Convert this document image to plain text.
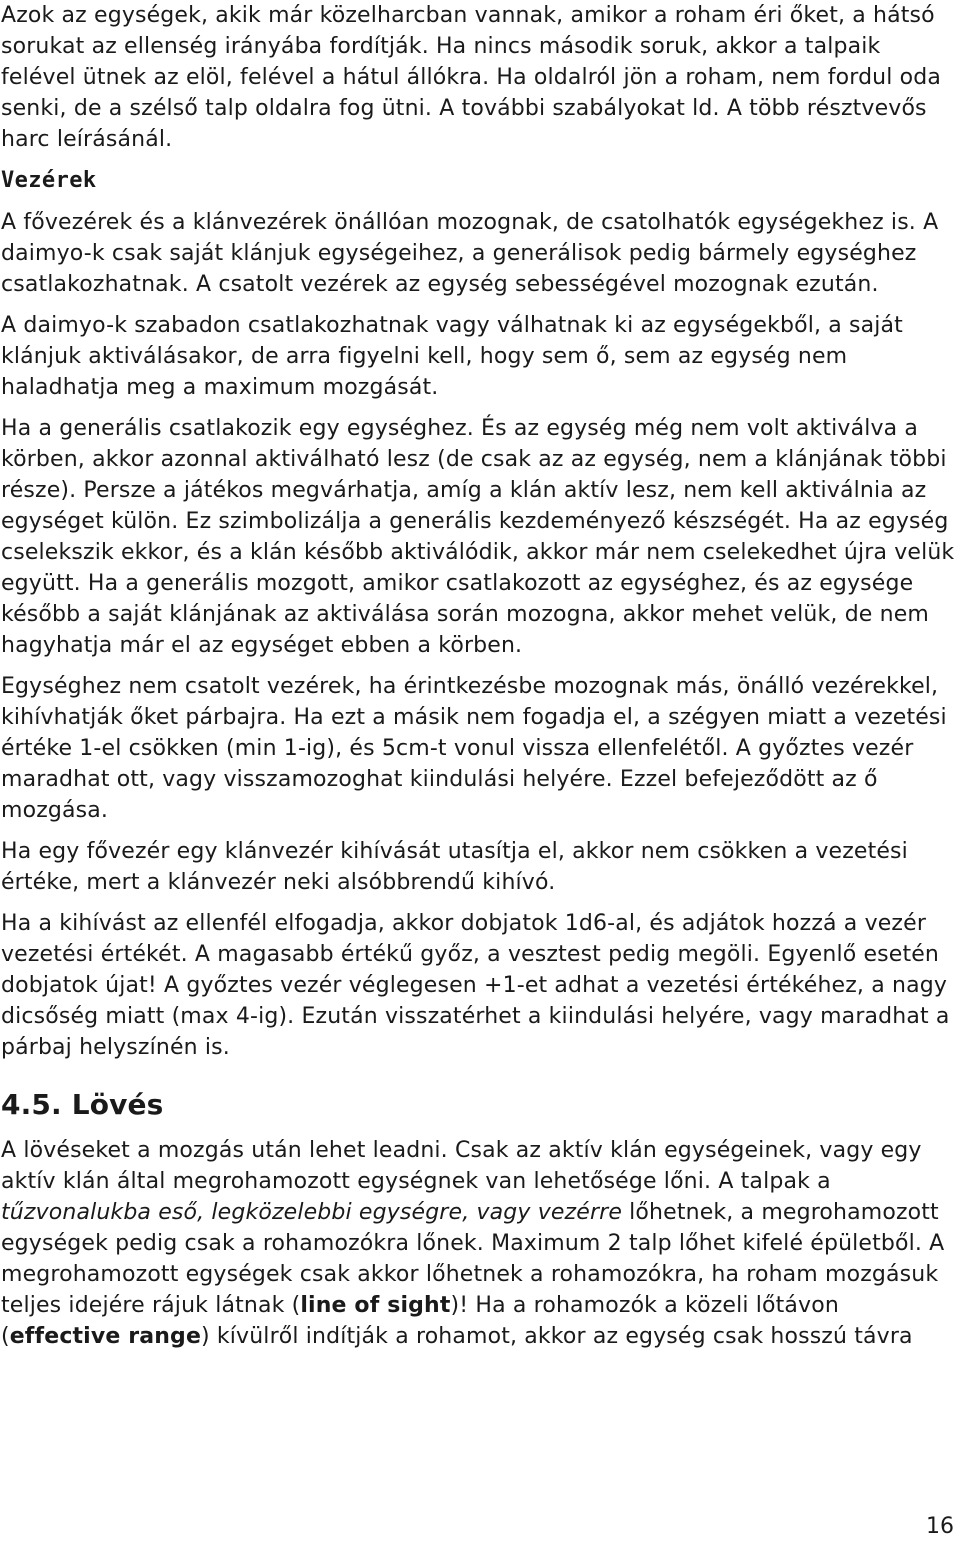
Azok az egységek, akik már közelharcban vannak, amikor a roham éri őket, a hátsó sorukat az ellenség irányába fordítják. Ha nincs második soruk, akkor a talpaik felével ütnek az elöl, felével a hátul állókra. Ha oldalról jön a roham, nem fordul oda senki, de a szélső talp oldalra fog ütni. A további szabályokat ld. A több résztvevős harc leírásánál.

Vezérek

A fővezérek és a klánvezérek önállóan mozognak, de csatolhatók egységekhez is. A daimyo-k csak saját klánjuk egységeihez, a generálisok pedig bármely egységhez csatlakozhatnak. A csatolt vezérek az egység sebességével mozognak ezután.

A daimyo-k szabadon csatlakozhatnak vagy válhatnak ki az egységekből, a saját klánjuk aktiválásakor, de arra figyelni kell, hogy sem ő, sem az egység nem haladhatja meg a maximum mozgását.

Ha a generális csatlakozik egy egységhez. És az egység még nem volt aktiválva a körben, akkor azonnal aktiválható lesz (de csak az az egység, nem a klánjának többi része). Persze a játékos megvárhatja, amíg a klán aktív lesz, nem kell aktiválnia az egységet külön. Ez szimbolizálja a generális kezdeményező készségét. Ha az egység cselekszik ekkor, és a klán később aktiválódik, akkor már nem cselekedhet újra velük együtt. Ha a generális mozgott, amikor csatlakozott az egységhez, és az egysége később a saját klánjának az aktiválása során mozogna, akkor mehet velük, de nem hagyhatja már el az egységet ebben a körben.

Egységhez nem csatolt vezérek, ha érintkezésbe mozognak más, önálló vezérekkel, kihívhatják őket párbajra. Ha ezt a másik nem fogadja el, a szégyen miatt a vezetési értéke 1-el csökken (min 1-ig), és 5cm-t vonul vissza ellenfelétől. A győztes vezér maradhat ott, vagy visszamozoghat kiindulási helyére. Ezzel befejeződött az ő mozgása.

Ha egy fővezér egy klánvezér kihívását utasítja el, akkor nem csökken a vezetési értéke, mert a klánvezér neki alsóbbrendű kihívó.

Ha a kihívást az ellenfél elfogadja, akkor dobjatok 1d6-al, és adjátok hozzá a vezér vezetési értékét. A magasabb értékű győz, a vesztest pedig megöli. Egyenlő esetén dobjatok újat! A győztes vezér véglegesen +1-et adhat a vezetési értékéhez, a nagy dicsőség miatt (max 4-ig). Ezután visszatérhet a kiindulási helyére, vagy maradhat a párbaj helyszínén is.

4.5. Lövés

A lövéseket a mozgás után lehet leadni. Csak az aktív klán egységeinek, vagy egy aktív klán által megrohamozott egységnek van lehetősége lőni. A talpak a tűzvonalukba eső, legközelebbi egységre, vagy vezérre lőhetnek, a megrohamozott egységek pedig csak a rohamozókra lőnek. Maximum 2 talp lőhet kifelé épületből. A megrohamozott egységek csak akkor lőhetnek a rohamozókra, ha roham mozgásuk teljes idejére rájuk látnak (line of sight)! Ha a rohamozók a közeli lőtávon (effective range) kívülről indítják a rohamot, akkor az egység csak hosszú távra

16
